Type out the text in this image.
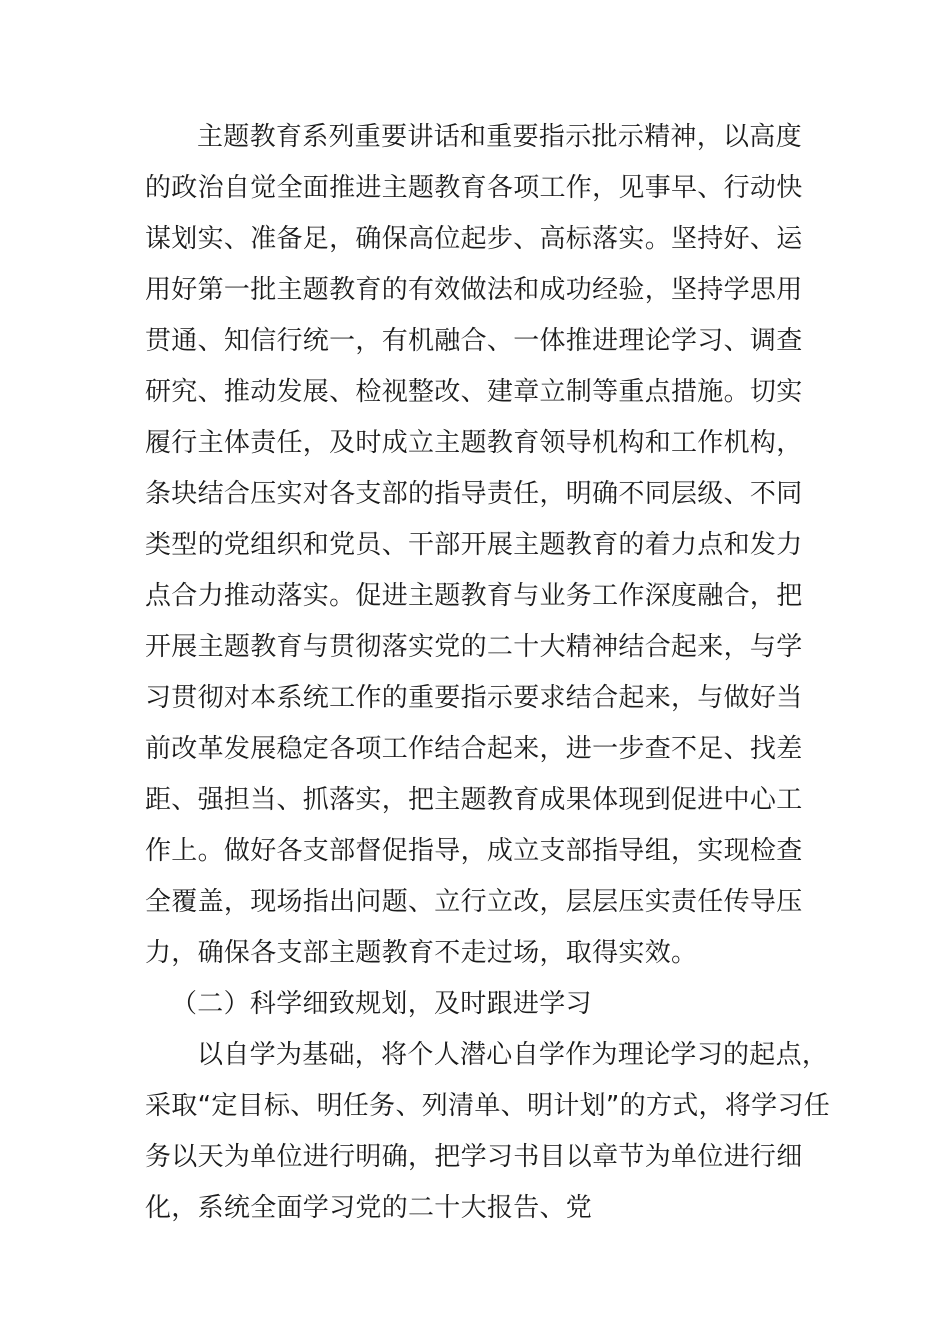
主题教育系列重要讲话和重要指示批示精神，以高度
的政治自觉全面推进主题教育各项工作，见事早、行动快
谋划实、准备足，确保高位起步、高标落实。坚持好、运
用好第一批主题教育的有效做法和成功经验，坚持学思用
贯通、知信行统一，有机融合、一体推进理论学习、调查
研究、推动发展、检视整改、建章立制等重点措施。切实
履行主体责任，及时成立主题教育领导机构和工作机构，
条块结合压实对各支部的指导责任，明确不同层级、不同
类型的党组织和党员、干部开展主题教育的着力点和发力
点合力推动落实。促进主题教育与业务工作深度融合，把
开展主题教育与贯彻落实党的二十大精神结合起来，与学
习贯彻对本系统工作的重要指示要求结合起来，与做好当
前改革发展稳定各项工作结合起来，进一步查不足、找差
距、强担当、抓落实，把主题教育成果体现到促进中心工
作上。做好各支部督促指导，成立支部指导组，实现检查
全覆盖，现场指出问题、立行立改，层层压实责任传导压
力，确保各支部主题教育不走过场，取得实效。
（二）科学细致规划，及时跟进学习
以自学为基础，将个人潜心自学作为理论学习的起点，
采取“定目标、明任务、列清单、明计划”的方式，将学习任
务以天为单位进行明确，把学习书目以章节为单位进行细
化，系统全面学习党的二十大报告、党
